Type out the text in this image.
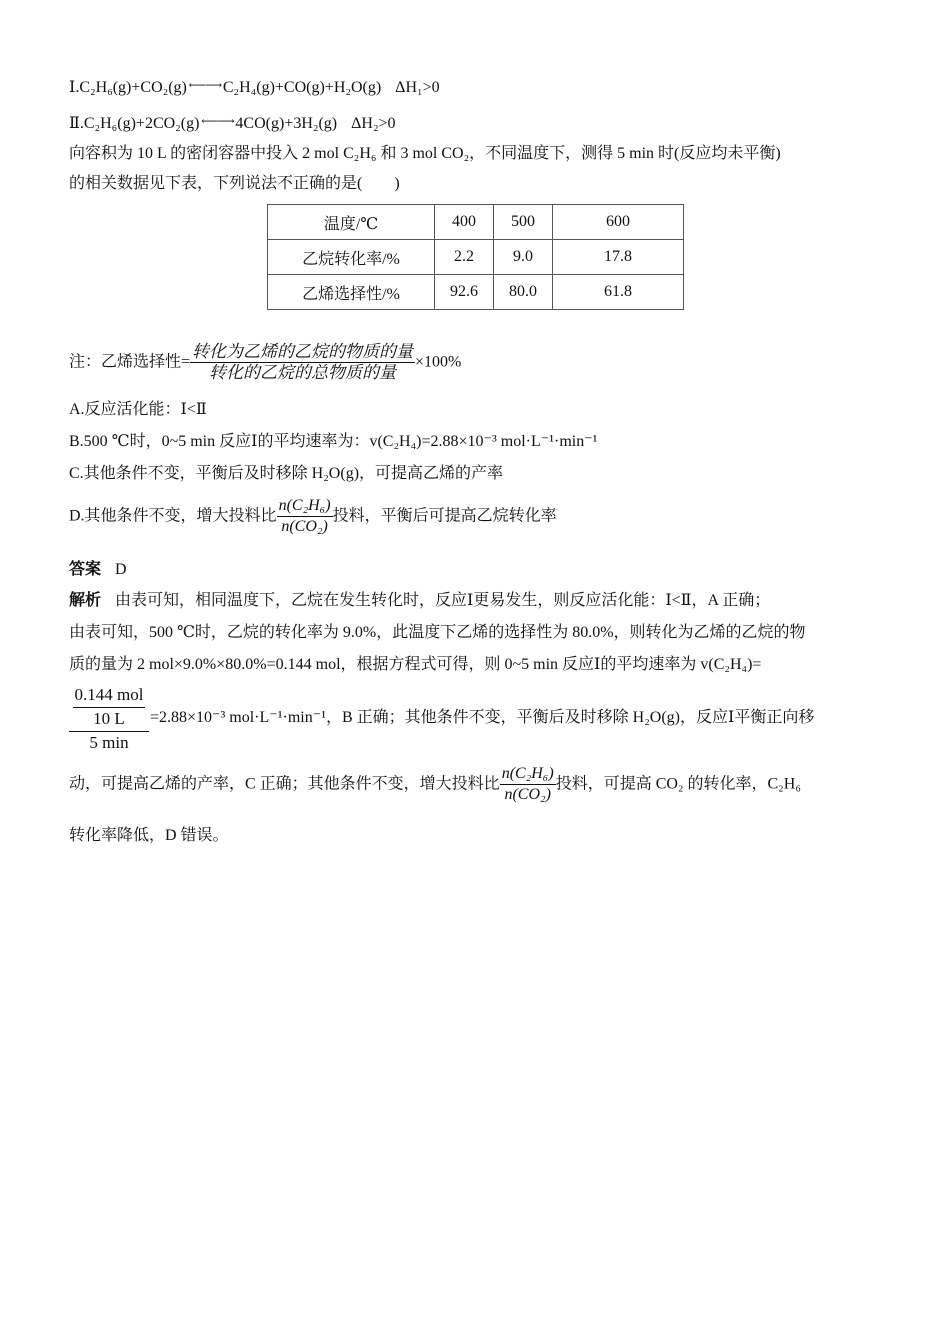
Ⅰ.C₂H₆(g)+CO₂(g) ⟵⟶ C₂H₄(g)+CO(g)+H₂O(g) ΔH₁>0
Ⅱ.C₂H₆(g)+2CO₂(g) ⟵⟶ 4CO(g)+3H₂(g) ΔH₂>0
向容积为 10 L 的密闭容器中投入 2 mol C₂H₆ 和 3 mol CO₂，不同温度下，测得 5 min 时(反应均未平衡)
的相关数据见下表，下列说法不正确的是(　　)
温度/℃	400	500	600
乙烷转化率/%	2.2	9.0	17.8
乙烯选择性/%	92.6	80.0	61.8
注：乙烯选择性= $\frac{\text{转化为乙烯的乙烷的物质的量}}{\text{转化的乙烷的总物质的量}} \times 100\%$
A.反应活化能：Ⅰ<Ⅱ
B.500 ℃时，0~5 min 反应Ⅰ的平均速率为：v(C₂H₄)=2.88×10⁻³ mol·L⁻¹·min⁻¹
C.其他条件不变，平衡后及时移除 H₂O(g)，可提高乙烯的产率
D.其他条件不变，增大投料比 $\frac{\text{n(C₂H₆)}}{\text{n(CO₂)}}$ 投料，平衡后可提高乙烷转化率
答案 D
解析 由表可知，相同温度下，乙烷在发生转化时，反应Ⅰ更易发生，则反应活化能：Ⅰ<Ⅱ，A 正确；
由表可知，500 ℃时，乙烷的转化率为 9.0%，此温度下乙烯的选择性为 80.0%，则转化为乙烯的乙烷的物
质的量为 2 mol×9.0%×80.0%=0.144 mol，根据方程式可得，则 0~5 min 反应Ⅰ的平均速率为 v(C₂H₄)=
0.144 mol
10 L
5 min
=2.88×10⁻³ mol·L⁻¹·min⁻¹，B 正确；其他条件不变，平衡后及时移除 H₂O(g)，反应Ⅰ平衡正向移
动，可提高乙烯的产率，C 正确；其他条件不变，增大投料比 $\frac{\text{n(C₂H₆)}}{\text{n(CO₂)}}$ 投料，可提高 CO₂ 的转化率，C₂H₆
转化率降低，D 错误。
